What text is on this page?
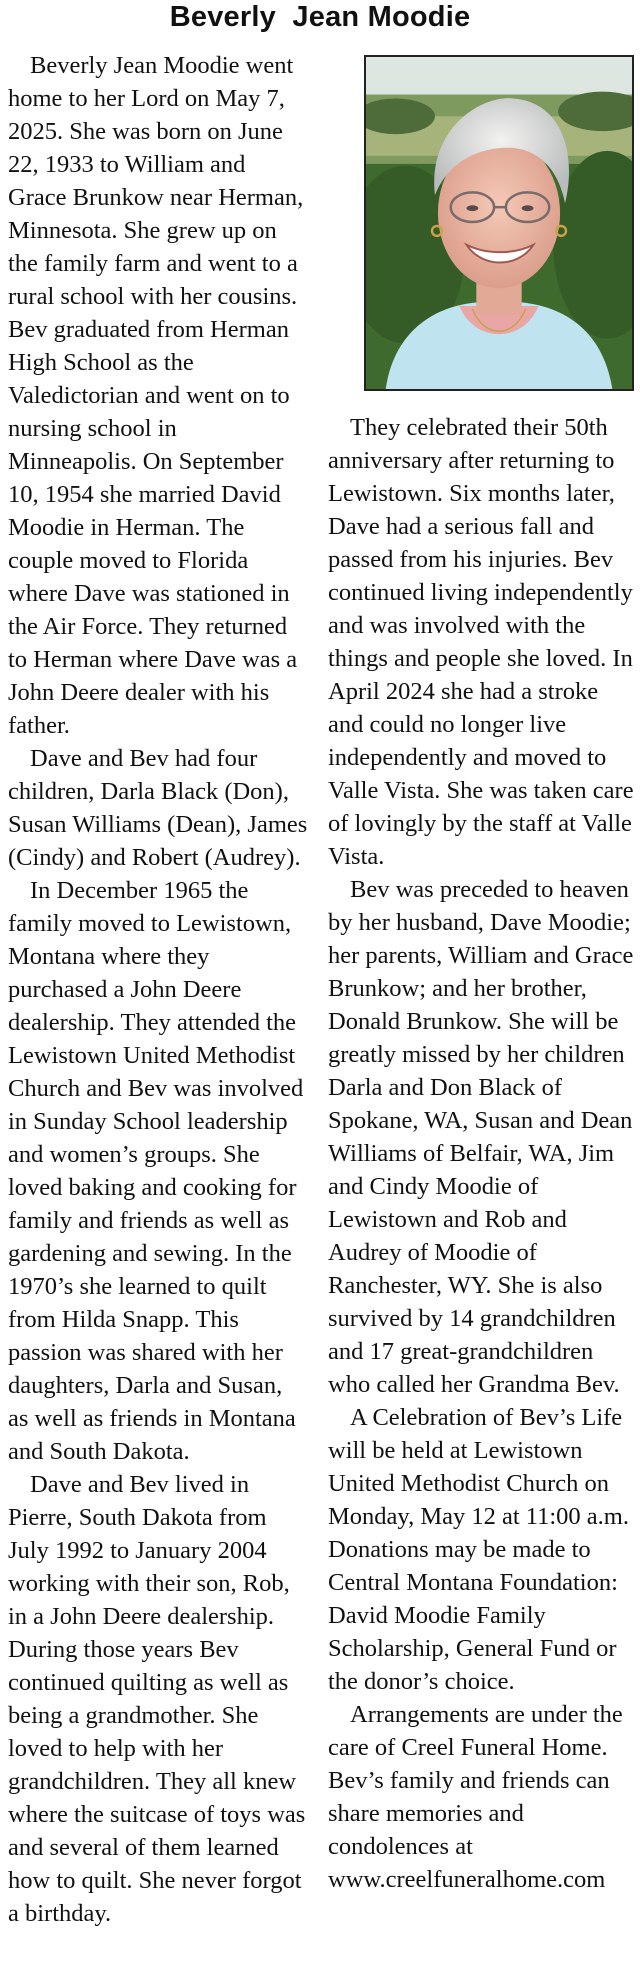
Beverly  Jean Moodie

Beverly Jean Moodie went home to her Lord on May 7, 2025. She was born on June 22, 1933 to William and Grace Brunkow near Herman, Minnesota. She grew up on the family farm and went to a rural school with her cousins. Bev graduated from Herman High School as the Valedictorian and went on to nursing school in Minneapolis. On September 10, 1954 she married David Moodie in Herman. The couple moved to Florida where Dave was stationed in the Air Force. They returned to Herman where Dave was a John Deere dealer with his father.

Dave and Bev had four children, Darla Black (Don), Susan Williams (Dean), James (Cindy) and Robert (Audrey).

In December 1965 the family moved to Lewistown, Montana where they purchased a John Deere dealership. They attended the Lewistown United Methodist Church and Bev was involved in Sunday School leadership and women’s groups. She loved baking and cooking for family and friends as well as gardening and sewing. In the 1970’s she learned to quilt from Hilda Snapp. This passion was shared with her daughters, Darla and Susan, as well as friends in Montana and South Dakota.

Dave and Bev lived in Pierre, South Dakota from July 1992 to January 2004 working with their son, Rob, in a John Deere dealership. During those years Bev continued quilting as well as being a grandmother. She loved to help with her grandchildren. They all knew where the suitcase of toys was and several of them learned how to quilt. She never forgot a birthday.

They celebrated their 50th anniversary after returning to Lewistown. Six months later, Dave had a serious fall and passed from his injuries. Bev continued living independently and was involved with the things and people she loved. In April 2024 she had a stroke and could no longer live independently and moved to Valle Vista. She was taken care of lovingly by the staff at Valle Vista.

Bev was preceded to heaven by her husband, Dave Moodie; her parents, William and Grace Brunkow; and her brother, Donald Brunkow. She will be greatly missed by her children Darla and Don Black of Spokane, WA, Susan and Dean Williams of Belfair, WA, Jim and Cindy Moodie of Lewistown and Rob and Audrey of Moodie of Ranchester, WY. She is also survived by 14 grandchildren and 17 great-grandchildren who called her Grandma Bev.

A Celebration of Bev’s Life will be held at Lewistown United Methodist Church on Monday, May 12 at 11:00 a.m. Donations may be made to Central Montana Foundation: David Moodie Family Scholarship, General Fund or the donor’s choice.

Arrangements are under the care of Creel Funeral Home. Bev’s family and friends can share memories and condolences at www.creelfuneralhome.com
